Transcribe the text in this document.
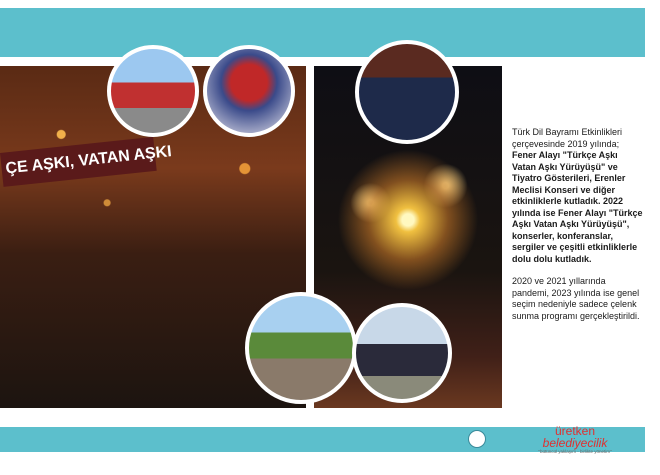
ÇE AŞKI, VATAN AŞKI

Türk Dil Bayramı Etkinlikleri çerçevesinde 2019 yılında; Fener Alayı "Türkçe Aşkı Vatan Aşkı Yürüyüşü" ve Tiyatro Gösterileri, Erenler Meclisi Konseri ve diğer etkinliklerle kutladık. 2022 yılında ise Fener Alayı "Türkçe Aşkı Vatan Aşkı Yürüyüşü", konserler, konferanslar, sergiler ve çeşitli etkinliklerle dolu dolu kutladık.

2020 ve 2021 yıllarında pandemi, 2023 yılında ise genel seçim nedeniyle sadece çelenk sunma programı gerçekleştirildi.

üretken
belediyecilik
"bütüncül yaklaşım - birlikte yönetim"
